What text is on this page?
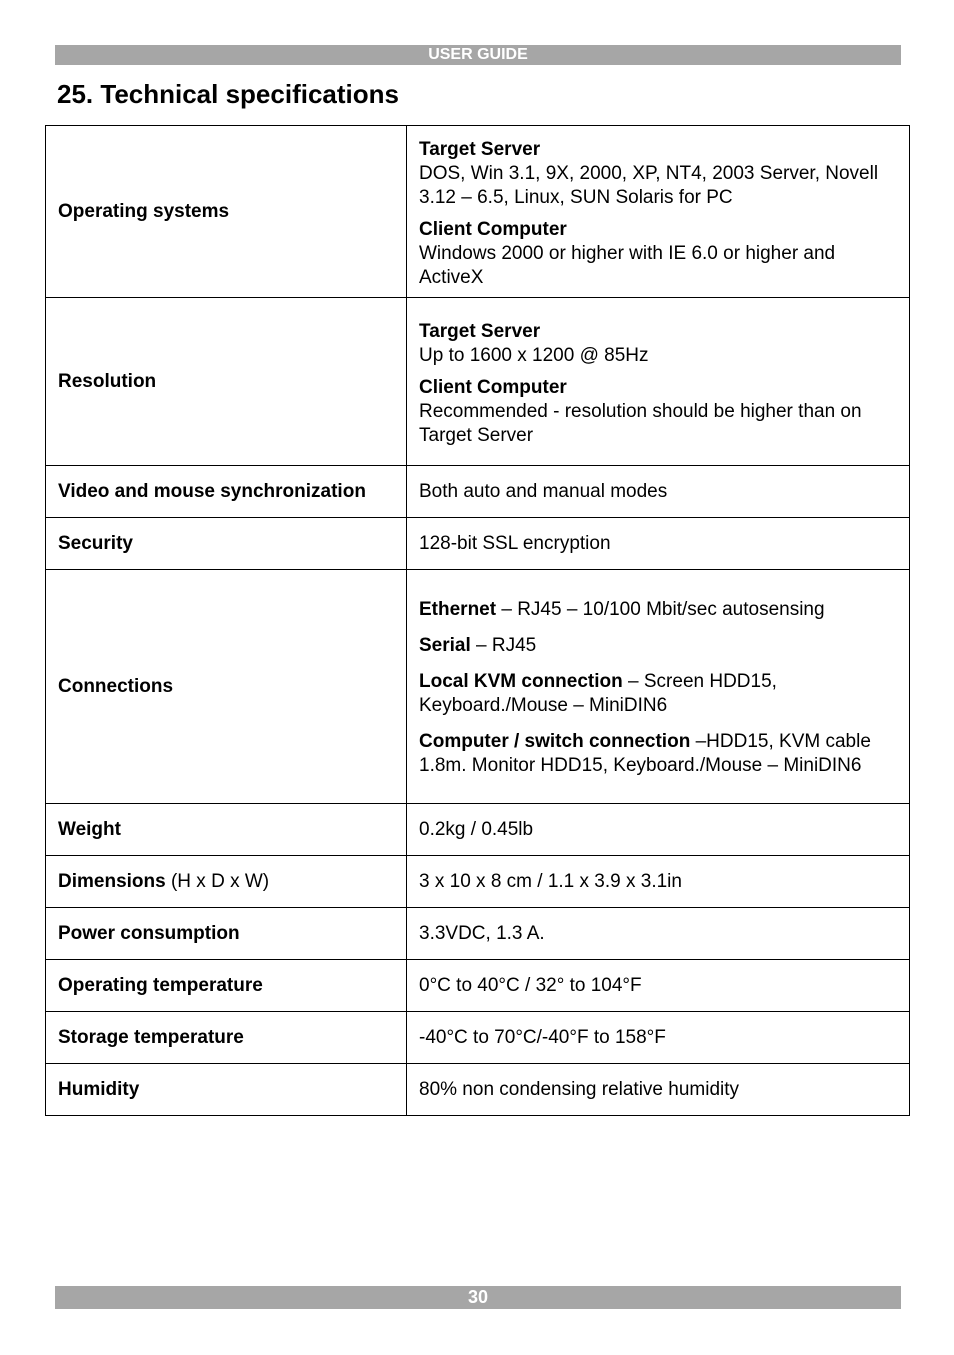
USER GUIDE
25. Technical specifications
Operating systems	Target Server
DOS, Win 3.1, 9X, 2000, XP, NT4, 2003 Server, Novell 3.12 – 6.5, Linux, SUN Solaris for PC
Client Computer
Windows 2000 or higher with IE 6.0 or higher and ActiveX

Resolution	Target Server
Up to 1600 x 1200 @ 85Hz
Client Computer
Recommended - resolution should be higher than on Target Server

Video and mouse synchronization	Both auto and manual modes
Security	128-bit SSL encryption
Connections	Ethernet – RJ45 – 10/100 Mbit/sec autosensing
Serial – RJ45
Local KVM connection – Screen HDD15, Keyboard./Mouse – MiniDIN6
Computer / switch connection –HDD15, KVM cable 1.8m. Monitor HDD15, Keyboard./Mouse – MiniDIN6

Weight	0.2kg / 0.45lb
Dimensions (H x D x W)	3 x 10 x 8 cm / 1.1 x 3.9 x 3.1in
Power consumption	3.3VDC, 1.3 A.
Operating temperature	0°C to 40°C / 32° to 104°F
Storage temperature	-40°C to 70°C/-40°F to 158°F
Humidity	80% non condensing relative humidity
30
